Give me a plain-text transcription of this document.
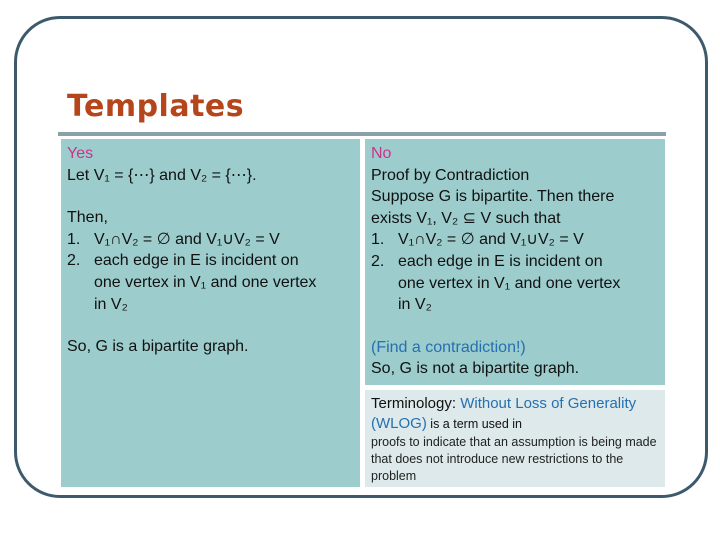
Templates
Yes
Let V₁ = {⋯} and V₂ = {⋯}.
Then,
1. V₁∩V₂ = ∅ and V₁∪V₂ = V
2. each edge in E is incident on
one vertex in V₁ and one vertex
in V₂
So, G is a bipartite graph.
No
Proof by Contradiction
Suppose G is bipartite. Then there
exists V₁, V₂ ⊆ V such that
1. V₁∩V₂ = ∅ and V₁∪V₂ = V
2. each edge in E is incident on
one vertex in V₁ and one vertex
in V₂
(Find a contradiction!)
So, G is not a bipartite graph.
Terminology: Without Loss of Generality (WLOG) is a term used in
proofs to indicate that an assumption is being made that does not introduce new restrictions to the problem
